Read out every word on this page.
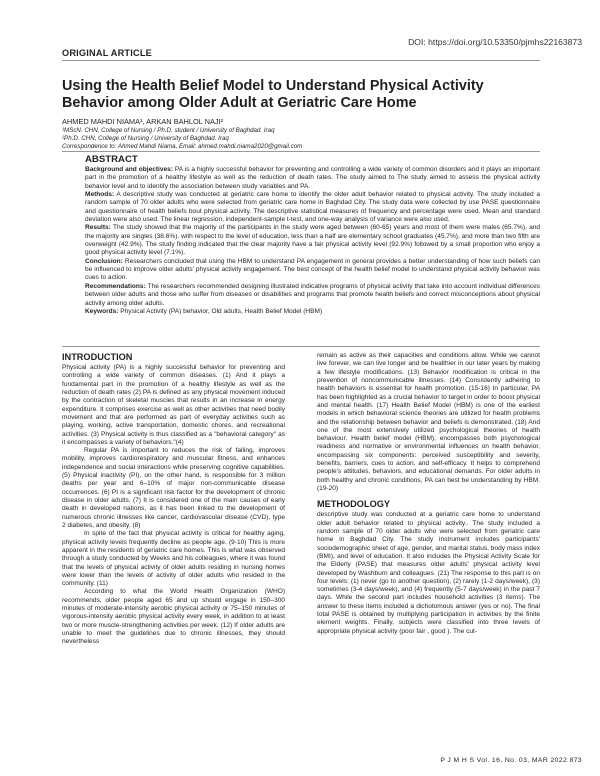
DOI: https://doi.org/10.53350/pjmhs22163873
ORIGINAL ARTICLE
Using the Health Belief Model to Understand Physical Activity Behavior among Older Adult at Geriatric Care Home
AHMED MAHDI NIAMA¹, ARKAN BAHLOL NAJI²
¹MScN. CHN, College of Nursing / Ph.D. student / University of Baghdad. Iraq
²Ph.D. CHN, College of Nursing / University of Baghdad. Iraq
Correspondence to: Ahmed Mahdi Niama, Email: ahmed.mahdi.niama2020@gmail.com
ABSTRACT

Background and objectives: PA is a highly successful behavior for preventing and controlling a wide variety of common disorders and it plays an important part in the promotion of a healthy lifestyle as well as the reduction of death rates. The study aimed to The study aimed to assess the physical activity behavior level and to identify the association between study variables and PA.

Methods: A descriptive study was conducted at geriatric care home to identify the older adult behavior related to physical activity. The study included a random sample of 70 older adults who were selected from geriatric care home in Baghdad City. The study data were collected by use PASE questionnaire and questionnaire of health beliefs bout physical activity. The descriptive statistical measures of frequency and percentage were used. Mean and standard deviation were also used. The linear regression, independent-sample t-test, and one-way analysis of variance were also used.

Results: The study showed that the majority of the participants in the study were aged between (60-65) years and most of them were males (65.7%), and the majority are singles (38.6%). with respect to the level of education, less than a half are elementary school graduates (45.7%), and more than two fifth are overweight (42.9%). The study finding indicated that the clear majority have a fair physical activity level (92.9%) followed by a small proportion who enjoy a good physical activity level (7.1%).

Conclusion: Researchers concluded that using the HBM to understand PA engagement in general provides a better understanding of how such beliefs can be influenced to improve older adults' physical activity engagement. The best concept of the health belief model to understand physical activity behavior was cues to action.

Recommendations: The researchers recommended designing illustrated indicative programs of physical activity that take into account individual differences between older adults and those who suffer from diseases or disabilities and programs that promote health beliefs and correct misconceptions about physical activity among older adults.

Keywords: Physical Activity (PA) behavior, Old adults, Health Belief Model (HBM)

INTRODUCTION

Physical activity (PA) is a highly successful behavior for preventing and controlling a wide variety of common diseases. (1) And it plays a fundamental part in the promotion of a healthy lifestyle as well as the reduction of death rates (2) PA is defined as any physical movement induced by the contraction of skeletal muscles that results in an increase in energy expenditure. It comprises exercise as well as other activities that need bodily movement and that are performed as part of everyday activities such as playing, working, active transportation, domestic chores, and recreational activities. (3) Physical activity is thus classified as a "behavioral category" as it encompasses a variety of behaviors."(4)

Regular PA is important to reduces the risk of falling, improves mobility, improves cardiorespiratory and muscular fitness, and enhances independence and social interactions while preserving cognitive capabilities. (5) Physical inactivity (PI), on the other hand, is responsible for 3 million deaths per year and 6–10% of major non-communicable disease occurrences. (6) PI is a significant risk factor for the development of chronic disease in older adults. (7) It is considered one of the main causes of early death in developed nations, as it has been linked to the development of numerous chronic illnesses like cancer, cardiovascular disease (CVD), type 2 diabetes, and obesity. (8)

In spite of the fact that physical activity is critical for healthy aging, physical activity levels frequently decline as people age. (9-10) This is more apparent in the residents of geriatric care homes. This is what was observed through a study conducted by Weeks and his colleagues, where it was found that the levels of physical activity of older adults residing in nursing homes were lower than the levels of activity of older adults who resided in the community. (11)

According to what the World Health Organization (WHO) recommends, older people aged 65 and up should engage in 150–300 minutes of moderate-intensity aerobic physical activity or 75–150 minutes of vigorous-intensity aerobic physical activity every week, in addition to at least two or more muscle-strengthening activities per week. (12) If older adults are unable to meet the guidelines due to chronic illnesses, they should nevertheless

remain as active as their capacities and conditions allow. While we cannot live forever, we can live longer and be healthier in our later years by making a few lifestyle modifications. (13) Behavior modification is critical in the prevention of noncommunicable illnesses. (14) Consistently adhering to health behaviors is essential for health promotion. (15-16) In particular, PA has been highlighted as a crucial behavior to target in order to boost physical and mental health. (17) Health Belief Model (HBM) is one of the earliest models in which behavioral science theories are utilized for health problems and the relationship between behavior and beliefs is demonstrated. (18) And one of the most extensively utilized psychological theories of health behaviour. Health belief model (HBM), encompasses both psychological readiness and normative or environmental influences on health behavior, encompassing six components: perceived susceptibility and severity, benefits, barriers, cues to action, and self-efficacy. It helps to comprehend people's attitudes, behaviors, and educational demands. For older adults in both healthy and chronic conditions, PA can best be understanding by HBM. (19-20)

METHODOLOGY

descriptive study was conducted at a geriatric care home to understand older adult behavior related to physical activity.. The study included a random sample of 70 older adults who were selected from geriatric care home in Baghdad City. The study instrument includes participants' sociodemographic sheet of age, gender, and marital status, body mass index (BMI), and level of education. It also includes the Physical Activity Scale for the Elderly (PASE) that measures older adults' physical activity level developed by Washburn and colleagues. (21) The response to this part is on four levels: (1) never (go to another question), (2) rarely (1-2 days/week), (3) sometimes (3-4 days/week), and (4) frequently (5-7 days/week) in the past 7 days. While the second part includes household activities (3 items). The answer to these items included a dichotomous answer (yes or no). The final total PASE is obtained by multiplying participation in activities by the finite element weights. Finally, subjects were classified into three levels of appropriate physical activity (poor fair , good ). The cut-

P J M H S Vol. 16, No. 03, MAR 2022 873
